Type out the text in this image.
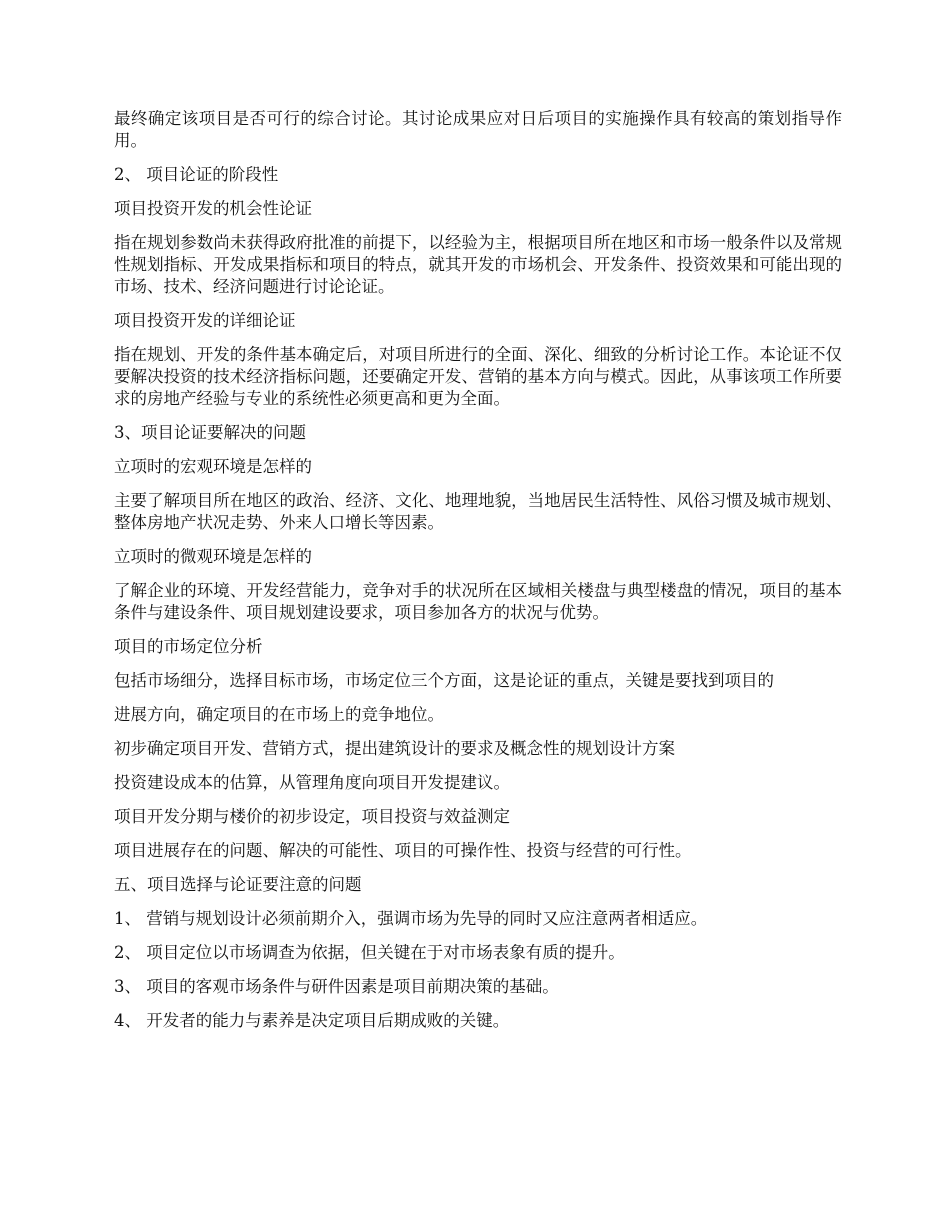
最终确定该项目是否可行的综合讨论。其讨论成果应对日后项目的实施操作具有较高的策划指导作用。

2、 项目论证的阶段性

项目投资开发的机会性论证

指在规划参数尚未获得政府批准的前提下，以经验为主，根据项目所在地区和市场一般条件以及常规性规划指标、开发成果指标和项目的特点，就其开发的市场机会、开发条件、投资效果和可能出现的市场、技术、经济问题进行讨论论证。

项目投资开发的详细论证

指在规划、开发的条件基本确定后，对项目所进行的全面、深化、细致的分析讨论工作。本论证不仅要解决投资的技术经济指标问题，还要确定开发、营销的基本方向与模式。因此，从事该项工作所要求的房地产经验与专业的系统性必须更高和更为全面。

3、项目论证要解决的问题

立项时的宏观环境是怎样的

主要了解项目所在地区的政治、经济、文化、地理地貌，当地居民生活特性、风俗习惯及城市规划、整体房地产状况走势、外来人口增长等因素。

立项时的微观环境是怎样的

了解企业的环境、开发经营能力，竞争对手的状况所在区域相关楼盘与典型楼盘的情况，项目的基本条件与建设条件、项目规划建设要求，项目参加各方的状况与优势。

项目的市场定位分析

包括市场细分，选择目标市场，市场定位三个方面，这是论证的重点，关键是要找到项目的

进展方向，确定项目的在市场上的竞争地位。

初步确定项目开发、营销方式，提出建筑设计的要求及概念性的规划设计方案

投资建设成本的估算，从管理角度向项目开发提建议。

项目开发分期与楼价的初步设定，项目投资与效益测定

项目进展存在的问题、解决的可能性、项目的可操作性、投资与经营的可行性。

五、项目选择与论证要注意的问题

1、 营销与规划设计必须前期介入，强调市场为先导的同时又应注意两者相适应。

2、 项目定位以市场调查为依据，但关键在于对市场表象有质的提升。

3、 项目的客观市场条件与研件因素是项目前期决策的基础。

4、 开发者的能力与素养是决定项目后期成败的关键。
